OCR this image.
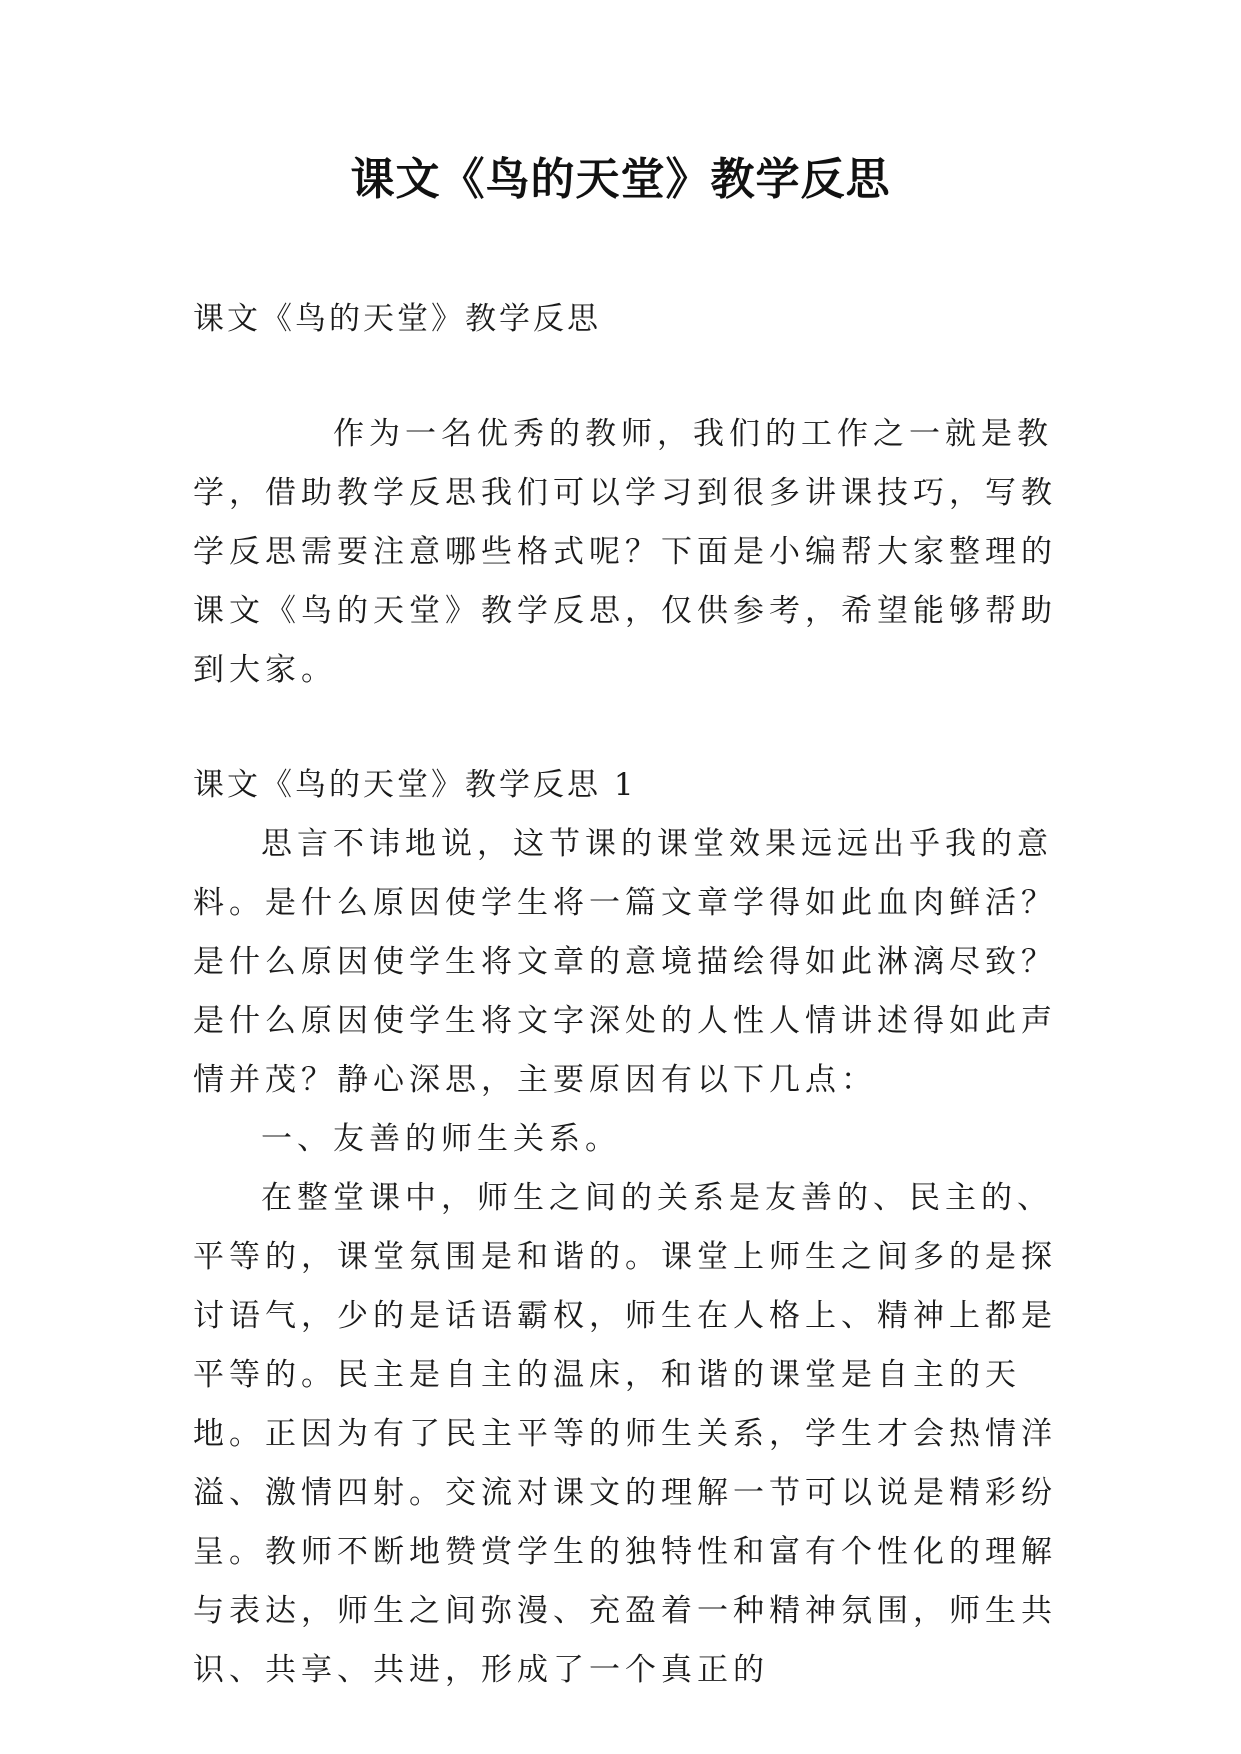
课文《鸟的天堂》教学反思

课文《鸟的天堂》教学反思

作为一名优秀的教师，我们的工作之一就是教学，借助教学反思我们可以学习到很多讲课技巧，写教学反思需要注意哪些格式呢？下面是小编帮大家整理的课文《鸟的天堂》教学反思，仅供参考，希望能够帮助到大家。

课文《鸟的天堂》教学反思 1

思言不讳地说，这节课的课堂效果远远出乎我的意料。是什么原因使学生将一篇文章学得如此血肉鲜活？是什么原因使学生将文章的意境描绘得如此淋漓尽致？是什么原因使学生将文字深处的人性人情讲述得如此声情并茂？静心深思，主要原因有以下几点：

一、友善的师生关系。

在整堂课中，师生之间的关系是友善的、民主的、平等的，课堂氛围是和谐的。课堂上师生之间多的是探讨语气，少的是话语霸权，师生在人格上、精神上都是平等的。民主是自主的温床，和谐的课堂是自主的天地。正因为有了民主平等的师生关系，学生才会热情洋溢、激情四射。交流对课文的理解一节可以说是精彩纷呈。教师不断地赞赏学生的独特性和富有个性化的理解与表达，师生之间弥漫、充盈着一种精神氛围，师生共识、共享、共进，形成了一个真正的
